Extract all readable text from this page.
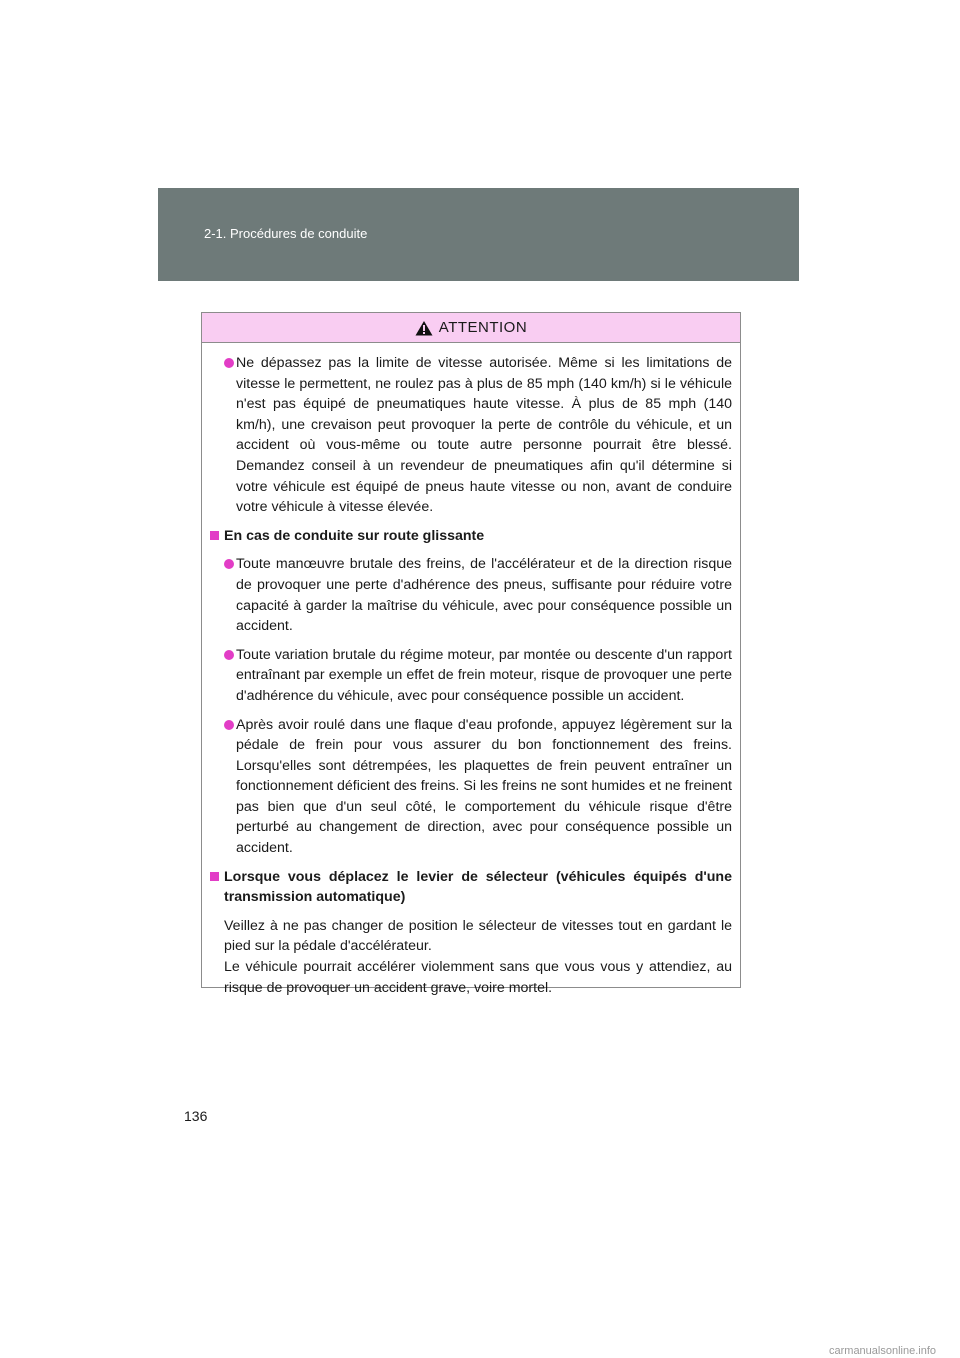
2-1. Procédures de conduite
ATTENTION
Ne dépassez pas la limite de vitesse autorisée. Même si les limitations de vitesse le permettent, ne roulez pas à plus de 85 mph (140 km/h) si le véhicule n'est pas équipé de pneumatiques haute vitesse. À plus de 85 mph (140 km/h), une crevaison peut provoquer la perte de contrôle du véhicule, et un accident où vous-même ou toute autre personne pourrait être blessé. Demandez conseil à un revendeur de pneumatiques afin qu'il détermine si votre véhicule est équipé de pneus haute vitesse ou non, avant de conduire votre véhicule à vitesse élevée.
En cas de conduite sur route glissante
Toute manœuvre brutale des freins, de l'accélérateur et de la direction risque de provoquer une perte d'adhérence des pneus, suffisante pour réduire votre capacité à garder la maîtrise du véhicule, avec pour conséquence possible un accident.
Toute variation brutale du régime moteur, par montée ou descente d'un rapport entraînant par exemple un effet de frein moteur, risque de provoquer une perte d'adhérence du véhicule, avec pour conséquence possible un accident.
Après avoir roulé dans une flaque d'eau profonde, appuyez légèrement sur la pédale de frein pour vous assurer du bon fonctionnement des freins. Lorsqu'elles sont détrempées, les plaquettes de frein peuvent entraîner un fonctionnement déficient des freins. Si les freins ne sont humides et ne freinent pas bien que d'un seul côté, le comportement du véhicule risque d'être perturbé au changement de direction, avec pour conséquence possible un accident.
Lorsque vous déplacez le levier de sélecteur (véhicules équipés d'une transmission automatique)
Veillez à ne pas changer de position le sélecteur de vitesses tout en gardant le pied sur la pédale d'accélérateur.
Le véhicule pourrait accélérer violemment sans que vous vous y attendiez, au risque de provoquer un accident grave, voire mortel.
136
carmanualsonline.info
